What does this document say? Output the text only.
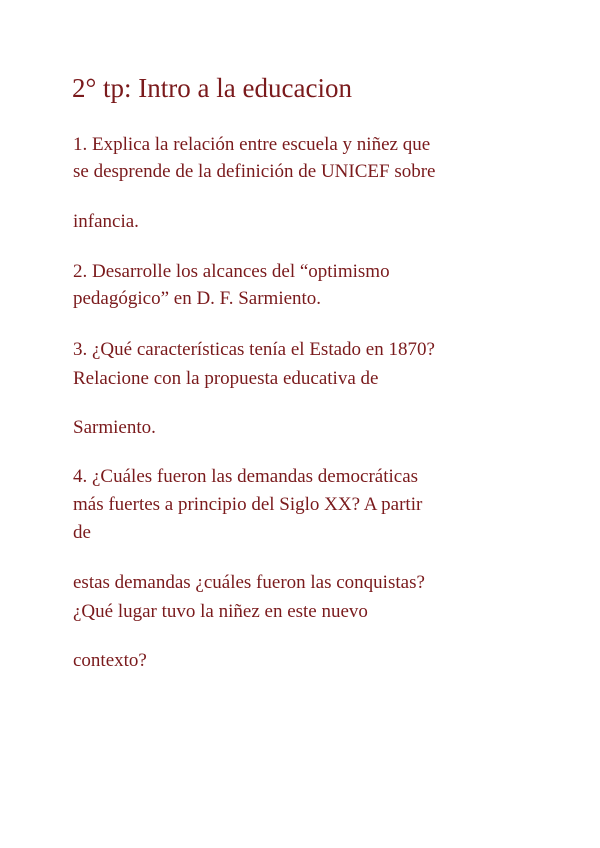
2° tp: Intro a la educacion
1. Explica la relación entre escuela y niñez que
se desprende de la definición de UNICEF sobre
infancia.
2. Desarrolle los alcances del “optimismo
pedagógico” en D. F. Sarmiento.
3. ¿Qué características tenía el Estado en 1870?
Relacione con la propuesta educativa de
Sarmiento.
4. ¿Cuáles fueron las demandas democráticas
más fuertes a principio del Siglo XX? A partir
de
estas demandas ¿cuáles fueron las conquistas?
¿Qué lugar tuvo la niñez en este nuevo
contexto?
